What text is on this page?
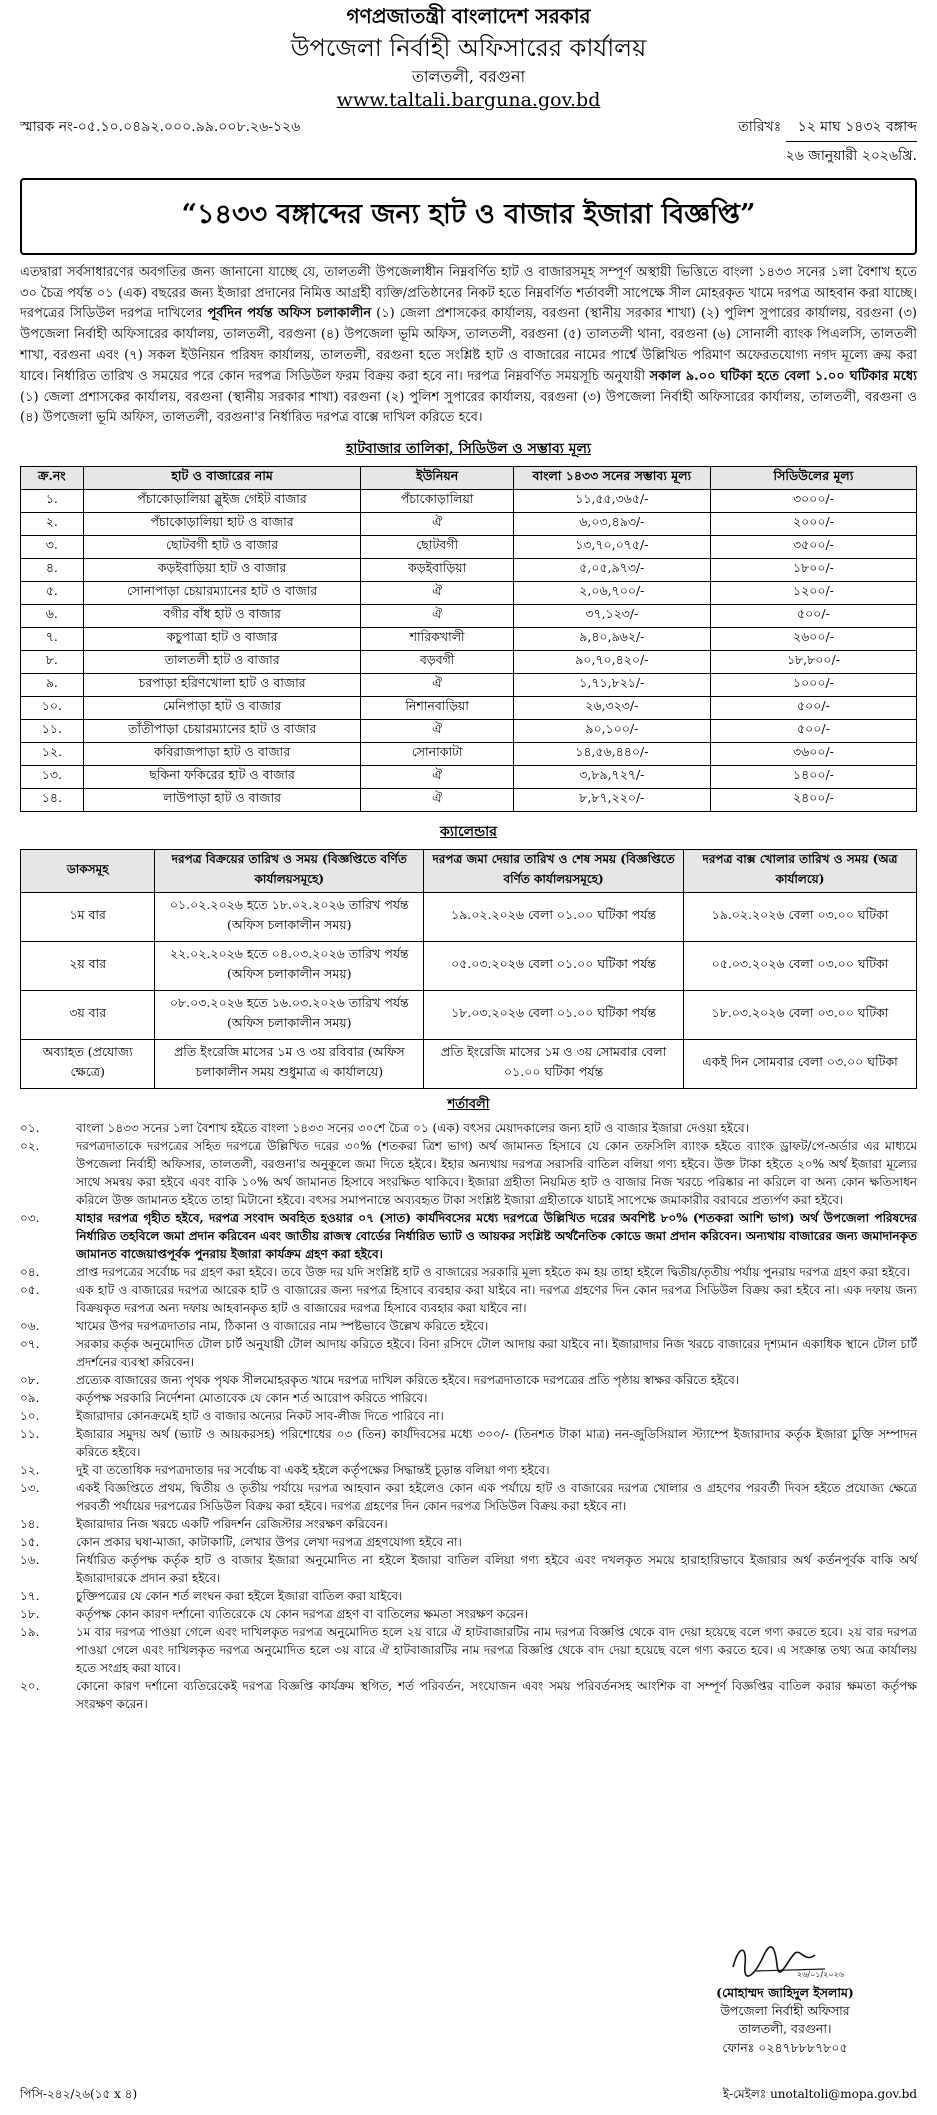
গণপ্রজাতন্ত্রী বাংলাদেশ সরকার
উপজেলা নির্বাহী অফিসারের কার্যালয়
তালতলী, বরগুনা
www.taltali.barguna.gov.bd
স্মারক নং-০৫.১০.০৪৯২.০০০.৯৯.০০৮.২৬-১২৬	তারিখঃ	১২ মাঘ ১৪৩২ বঙ্গাব্দ
২৬ জানুয়ারী ২০২৬খ্রি.
“১৪৩৩ বঙ্গাব্দের জন্য হাট ও বাজার ইজারা বিজ্ঞপ্তি”
এতদ্বারা সর্বসাধারণের অবগতির জন্য জানানো যাচ্ছে যে, তালতলী উপজেলাধীন নিম্নবর্ণিত হাট ও বাজারসমূহ সম্পূর্ণ অস্থায়ী ভিত্তিতে বাংলা ১৪৩৩ সনের ১লা বৈশাখ হতে ৩০ চৈত্র পর্যন্ত ০১ (এক) বছরের জন্য ইজারা প্রদানের নিমিত্ত আগ্রহী ব্যক্তি/প্রতিষ্ঠানের নিকট হতে নিম্নবর্ণিত শর্তাবলী সাপেক্ষে সীল মোহরকৃত খামে দরপত্র আহবান করা যাচ্ছে। দরপত্রের সিডিউল দরপত্র দাখিলের পূর্বদিন পর্যন্ত অফিস চলাকালীন (১) জেলা প্রশাসকের কার্যালয়, বরগুনা (স্থানীয় সরকার শাখা) (২) পুলিশ সুপারের কার্যালয়, বরগুনা (৩) উপজেলা নির্বাহী অফিসারের কার্যালয়, তালতলী, বরগুনা (৪) উপজেলা ভূমি অফিস, তালতলী, বরগুনা (৫) তালতলী থানা, বরগুনা (৬) সোনালী ব্যাংক পিএলসি, তালতলী শাখা, বরগুনা এবং (৭) সকল ইউনিয়ন পরিষদ কার্যালয়, তালতলী, বরগুনা হতে সংশ্লিষ্ট হাট ও বাজারের নামের পার্শ্বে উল্লিখিত পরিমাণ অফেরতযোগ্য নগদ মূল্যে ক্রয় করা যাবে। নির্ধারিত তারিখ ও সময়ের পরে কোন দরপত্র সিডিউল ফরম বিক্রয় করা হবে না। দরপত্র নিম্নবর্ণিত সময়সূচি অনুযায়ী সকাল ৯.০০ ঘটিকা হতে বেলা ১.০০ ঘটিকার মধ্যে (১) জেলা প্রশাসকের কার্যালয়, বরগুনা (স্থানীয় সরকার শাখা) বরগুনা (২) পুলিশ সুপারের কার্যালয়, বরগুনা (৩) উপজেলা নির্বাহী অফিসারের কার্যালয়, তালতলী, বরগুনা ও (৪) উপজেলা ভূমি অফিস, তালতলী, বরগুনা'র নির্ধারিত দরপত্র বাক্সে দাখিল করিতে হবে।
হাটবাজার তালিকা, সিডিউল ও সম্ভাব্য মূল্য
ক্র.নং	হাট ও বাজারের নাম	ইউনিয়ন	বাংলা ১৪৩৩ সনের সম্ভাব্য মূল্য	সিডিউলের মূল্য
১.	পঁচাকোড়ালিয়া স্লুইজ গেইট বাজার	পঁচাকোড়ালিয়া	১১,৫৫,৩৬৫/-	৩০০০/-
২.	পঁচাকোড়ালিয়া হাট ও বাজার	ঐ	৬,০৩,৪৯৩/-	২০০০/-
৩.	ছোটবগী হাট ও বাজার	ছোটবগী	১৩,৭০,০৭৫/-	৩৫০০/-
৪.	কড়ইবাড়িয়া হাট ও বাজার	কড়ইবাড়িয়া	৫,০৫,৯৭৩/-	১৮০০/-
৫.	সোনাপাড়া চেয়ারম্যানের হাট ও বাজার	ঐ	২,০৬,৭০০/-	১২০০/-
৬.	বগীর বাঁধ হাট ও বাজার	ঐ	৩৭,১২৩/-	৫০০/-
৭.	কচুপাত্রা হাট ও বাজার	শারিকখালী	৯,৪০,৯৬২/-	২৬০০/-
৮.	তালতলী হাট ও বাজার	বড়বগী	৯০,৭০,৪২০/-	১৮,৮০০/-
৯.	চরপাড়া হরিণখোলা হাট ও বাজার	ঐ	১,৭১,৮২১/-	১০০০/-
১০.	মেনিপাড়া হাট ও বাজার	নিশানবাড়িয়া	২৬,৩২৩/-	৫০০/-
১১.	তাঁতীপাড়া চেয়ারম্যানের হাট ও বাজার	ঐ	৯০,১০০/-	৫০০/-
১২.	কবিরাজপাড়া হাট ও বাজার	সোনাকাটা	১৪,৫৬,৪৪০/-	৩৬০০/-
১৩.	ছকিনা ফকিরের হাট ও বাজার	ঐ	৩,৮৯,৭২৭/-	১৪০০/-
১৪.	লাউপাড়া হাট ও বাজার	ঐ	৮,৮৭,২২০/-	২৪০০/-
ক্যালেন্ডার
ডাকসমূহ	দরপত্র বিক্রয়ের তারিখ ও সময় (বিজ্ঞপ্তিতে বর্ণিত কার্যালয়সমূহে)	দরপত্র জমা দেয়ার তারিখ ও শেষ সময় (বিজ্ঞপ্তিতে বর্ণিত কার্যালয়সমূহে)	দরপত্র বাক্স খোলার তারিখ ও সময় (অত্র কার্যালয়ে)
১ম বার	০১.০২.২০২৬ হতে ১৮.০২.২০২৬ তারিখ পর্যন্ত (অফিস চলাকালীন সময়)	১৯.০২.২০২৬ বেলা ০১.০০ ঘটিকা পর্যন্ত	১৯.০২.২০২৬ বেলা ০৩.০০ ঘটিকা
২য় বার	২২.০২.২০২৬ হতে ০৪.০৩.২০২৬ তারিখ পর্যন্ত (অফিস চলাকালীন সময়)	০৫.০৩.২০২৬ বেলা ০১.০০ ঘটিকা পর্যন্ত	০৫.০৩.২০২৬ বেলা ০৩.০০ ঘটিকা
৩য় বার	০৮.০৩.২০২৬ হতে ১৬.০৩.২০২৬ তারিখ পর্যন্ত (অফিস চলাকালীন সময়)	১৮.০৩.২০২৬ বেলা ০১.০০ ঘটিকা পর্যন্ত	১৮.০৩.২০২৬ বেলা ০৩.০০ ঘটিকা
অব্যাহত (প্রযোজ্য ক্ষেত্রে)	প্রতি ইংরেজি মাসের ১ম ও ৩য় রবিবার (অফিস চলাকালীন সময় শুধুমাত্র এ কার্যালয়ে)	প্রতি ইংরেজি মাসের ১ম ও ৩য় সোমবার বেলা ০১.০০ ঘটিকা পর্যন্ত	একই দিন সোমবার বেলা ০৩.০০ ঘটিকা
শর্তাবলী
০১.	বাংলা ১৪৩৩ সনের ১লা বৈশাখ হইতে বাংলা ১৪৩৩ সনের ৩০শে চৈত্র ০১ (এক) বৎসর মেয়াদকালের জন্য হাট ও বাজার ইজারা দেওয়া হইবে।
০২.	দরপত্রদাতাকে দরপত্রের সহিত দরপত্রে উল্লিখিত দরের ৩০% (শতকরা ত্রিশ ভাগ) অর্থ জামানত হিসাবে যে কোন তফসিলি ব্যাংক হইতে ব্যাংক ড্রাফট/পে-অর্ডার এর মাধ্যমে উপজেলা নির্বাহী অফিসার, তালতলী, বরগুনা'র অনুকূলে জমা দিতে হইবে। ইহার অন্যথায় দরপত্র সরাসরি বাতিল বলিয়া গণ্য হইবে। উক্ত টাকা হইতে ২০% অর্থ ইজারা মূল্যের সাথে সমন্বয় করা হইবে এবং বাকি ১০% অর্থ জামানত হিসাবে সংরক্ষিত থাকিবে। ইজারা গ্রহীতা নিয়মিত হাট ও বাজার নিজ খরচে পরিষ্কার না করিলে বা অন্য কোন ক্ষতিসাধন করিলে উক্ত জামানত হইতে তাহা মিটানো হইবে। বৎসর সমাপনান্তে অব্যবহৃত টাকা সংশ্লিষ্ট ইজারা গ্রহীতাকে যাচাই সাপেক্ষে জমাকারীর বরাবরে প্রত্যর্পণ করা হইবে।
০৩.	যাহার দরপত্র গৃহীত হইবে, দরপত্র সংবাদ অবহিত হওয়ার ০৭ (সাত) কার্যদিবসের মধ্যে দরপত্রে উল্লিখিত দরের অবশিষ্ট ৮০% (শতকরা আশি ভাগ) অর্থ উপজেলা পরিষদের নির্ধারিত তহবিলে জমা প্রদান করিবেন এবং জাতীয় রাজস্ব বোর্ডের নির্ধারিত ভ্যাট ও আয়কর সংশ্লিষ্ট অর্থনৈতিক কোডে জমা প্রদান করিবেন। অন্যথায় বাজারের জন্য জমাদানকৃত জামানত বাজেয়াপ্তপূর্বক পুনরায় ইজারা কার্যক্রম গ্রহণ করা হইবে।
০৪.	প্রাপ্ত দরপত্রের সর্বোচ্চ দর গ্রহণ করা হইবে। তবে উক্ত দর যদি সংশ্লিষ্ট হাট ও বাজারের সরকারি মূল্য হইতে কম হয় তাহা হইলে দ্বিতীয়/তৃতীয় পর্যায় পুনরায় দরপত্র গ্রহণ করা হইবে।
০৫.	এক হাট ও বাজারের দরপত্র আরেক হাট ও বাজারের জন্য দরপত্র হিসাবে ব্যবহার করা যাইবে না। দরপত্র গ্রহণের দিন কোন দরপত্র সিডিউল বিক্রয় করা হইবে না। এক দফায় জন্য বিক্রয়কৃত দরপত্র অন্য দফায় আহবানকৃত হাট ও বাজারের দরপত্র হিসাবে ব্যবহার করা যাইবে না।
০৬.	খামের উপর দরপত্রদাতার নাম, ঠিকানা ও বাজারের নাম স্পষ্টভাবে উল্লেখ করিতে হইবে।
০৭.	সরকার কর্তৃক অনুমোদিত টোল চার্ট অনুযায়ী টোল আদায় করিতে হইবে। বিনা রসিদে টোল আদায় করা যাইবে না। ইজারাদার নিজ খরচে বাজারের দৃশ্যমান একাধিক স্থানে টোল চার্ট প্রদর্শনের ব্যবস্থা করিবেন।
০৮.	প্রত্যেক বাজারের জন্য পৃথক পৃথক সীলমোহরকৃত খামে দরপত্র দাখিল করিতে হইবে। দরপত্রদাতাকে দরপত্রের প্রতি পৃষ্ঠায় স্বাক্ষর করিতে হইবে।
০৯.	কর্তৃপক্ষ সরকারি নির্দেশনা মোতাবেক যে কোন শর্ত আরোপ করিতে পারিবে।
১০.	ইজারাদার কোনক্রমেই হাট ও বাজার অন্যের নিকট সাব-লীজ দিতে পারিবে না।
১১.	ইজারার সমুদয় অর্থ (ভ্যাট ও আয়করসহ) পরিশোধের ০৩ (তিন) কার্যদিবসের মধ্যে ৩০০/- (তিনশত টাকা মাত্র) নন-জুডিসিয়াল স্ট্যাম্পে ইজারাদার কর্তৃক ইজারা চুক্তি সম্পাদন করিতে হইবে।
১২.	দুই বা ততোধিক দরপত্রদাতার দর সর্বোচ্চ বা একই হইলে কর্তৃপক্ষের সিদ্ধান্তই চূড়ান্ত বলিয়া গণ্য হইবে।
১৩.	একই বিজ্ঞপ্তিতে প্রথম, দ্বিতীয় ও তৃতীয় পর্যায়ে দরপত্র আহবান করা হইলেও কোন এক পর্যায়ে হাট ও বাজারের দরপত্র খোলার ও গ্রহণের পরবর্তী দিবস হইতে প্রযোজ্য ক্ষেত্রে পরবর্তী পর্যায়ের দরপত্রের সিডিউল বিক্রয় করা হইবে। দরপত্র গ্রহণের দিন কোন দরপত্র সিডিউল বিক্রয় করা হইবে না।
১৪.	ইজারাদার নিজ খরচে একটি পরিদর্শন রেজিস্টার সংরক্ষণ করিবেন।
১৫.	কোন প্রকার ঘষা-মাজা, কাটাকাটি, লেখার উপর লেখা দরপত্র গ্রহণযোগ্য হইবে না।
১৬.	নির্ধারিত কর্তৃপক্ষ কর্তৃক হাট ও বাজার ইজারা অনুমোদিত না হইলে ইজারা বাতিল বলিয়া গণ্য হইবে এবং দখলকৃত সময়ে হারাহারিভাবে ইজারার অর্থ কর্তনপূর্বক বাকি অর্থ ইজারাদারকে প্রদান করা হইবে।
১৭.	চুক্তিপত্রের যে কোন শর্ত লংঘন করা হইলে ইজারা বাতিল করা যাইবে।
১৮.	কর্তৃপক্ষ কোন কারণ দর্শানো ব্যতিরেকে যে কোন দরপত্র গ্রহণ বা বাতিলের ক্ষমতা সংরক্ষণ করেন।
১৯.	১ম বার দরপত্র পাওয়া গেলে এবং দাখিলকৃত দরপত্র অনুমোদিত হলে ২য় বারে ঐ হাটবাজারটির নাম দরপত্র বিজ্ঞপ্তি থেকে বাদ দেয়া হয়েছে বলে গণ্য করতে হবে। ২য় বার দরপত্র পাওয়া গেলে এবং দাখিলকৃত দরপত্র অনুমোদিত হলে ৩য় বারে ঐ হাটবাজারটির নাম দরপত্র বিজ্ঞপ্তি থেকে বাদ দেয়া হয়েছে বলে গণ্য করতে হবে। এ সংক্রান্ত তথ্য অত্র কার্যালয় হতে সংগ্রহ করা যাবে।
২০.	কোনো কারণ দর্শানো ব্যতিরেকেই দরপত্র বিজ্ঞপ্তি কার্যক্রম স্থগিত, শর্ত পরিবর্তন, সংযোজন এবং সময় পরিবর্তনসহ আংশিক বা সম্পূর্ণ বিজ্ঞপ্তির বাতিল করার ক্ষমতা কর্তৃপক্ষ সংরক্ষণ করেন।
২৬/০১/২০২৬
(মোহাম্মদ জাহিদুল ইসলাম)
উপজেলা নির্বাহী অফিসার
তালতলী, বরগুনা।
ফোনঃ ০২৪৭৮৮৮৭৮০৫
পিসি-২৪২/২৬(১৫ x ৪)	ই-মেইলঃ unotaltoli@mopa.gov.bd
